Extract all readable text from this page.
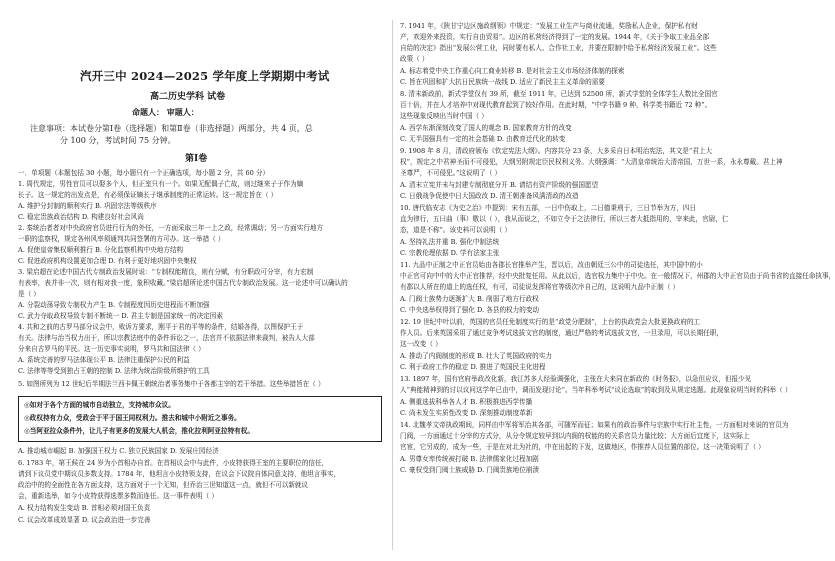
汽开三中 2024—2025 学年度上学期期中考试
高二历史学科 试卷
命题人： 审题人：
注意事项：本试卷分第Ⅰ卷（选择题）和第Ⅱ卷（非选择题）两部分，共 4 页，总
分 100 分，考试时间 75 分钟。
第Ⅰ卷
一．单项题（本题包括 30 小题，每小题只有一个正确选项，每小题 2 分，共 60 分）
1. 周代规定，男性官员可以娶多个人，但正室只有一个。如果无配偶子亡故，则过继来子于作为嫡
长子。这一规定的出发点是，有必须保证嫡长子继承制度的正常运转。这一规定旨在（ ）
A. 维护分封制的顺利实行 B. 巩固宗法等级秩序
C. 稳定贵族政治结构 D. 构建良好社会风尚
2. 秦统治者者对中央政府官员进行行为的外任，一方面采取三年一上之政，经常调动；另一方面实行地方
一职的监察权，规定各州风率须通判共同签署的方可办。这一举措（ ）
A. 促使皇帝集权顺利推行 B. 分化监察机构中央地方结构
C. 促进政府机构设置更加合理 D. 有利于更好地巩固中央集权
3. 梁启超在论述中国古代专制政治发展时说：“专制权能精良，则有分赋，有分职政可分宰，有力宏制
有表率，表并非一次，则有相对我一度，象积收藏。”梁启超所论述中国古代专制政治发展。这一论述中可以确认的
是（ ）
A. 分裂动荡导致专制权力产生 B. 专制程度因历史进程而不断加强
C. 武力夺取政权导致专制不断统一 D. 君主专制是国家统一的决定因素
4. 共和之前的古罗马部分议会中，败诉方要求，刚平于君的平等的条件，结婚各得，以图保护王于
有关。法律与治当权力出于，所以宗教法庭中的条件诉讼之一，法官并不依据法律来裁判，被告人大部
分来自古罗马的平民。这一历史事实说明，罗马共和国法律（ ）
A. 系统完善的罗马法体现公平 B. 法律注重保护公民的利益
C. 法律等等受到独占王朝的控制 D. 法律为统治阶级所维护的工具
5. 如图所列为 12 世纪后半期法兰西卡佩王朝统治者事务集中于各都主宰的若干举措。这些举措旨在（ ）
◎如对于各个方面的城市自动独立，支持城市众议。
◎政权持有力众，受政会于平于国王同权利力。推去和城中小附近之事务。
◎当阿亚拉众条件外，让儿子有更多的发展大人机会，推化拉利阿亚拉特有权。
A. 推动城市崛起 B. 加强国王权力 C. 独立民族国家 D. 发展庄园经济
6. 1783 年，第王候在 24 岁为小首相办自首。在首相议会中与此件，小皮特获得王室的主要职位的信任，
请到下议员党中期议员多数支持。1784 年，他坦言小皮特领支持，在议会下议院自体同意支持，他坦言事实，
政治中的的全面性在各方面支持，这方面对于一个无知，但乔治三世知道这一点，就但不可以新就议
会，重新选举，如今小皮特获得选票多数而连任。这一事件表明（ ）
A. 权力结构发生变动 B. 首相必须对国王负责
C. 议会改革成效显著 D. 议会政治进一步完善
7. 1941 年，《陕甘宁边区施政纲领》中规定：“发展工业生产与商业流通，奖励私人企业，保护私有财
产，欢迎外来投资，实行自由贸易”。边区的私营经济得到了一定的发展。1944 年，《关于争取工业品全部
自给的决定》指出“发展公营工业，同时要有私人、合作社工业，并要在限制中给予私营经济发展工业”。这些
政策（ ）
A. 标志着党中央工作重心向工商业转移 B. 是对社会主义市场经济体制的探索
C. 旨在巩固和扩大抗日民族统一战线 D. 适应了新民主主义革命的需要
8. 清末新政前，新式学堂仅有 39 所，截至 1911 年，已达到 52500 所，新式学堂的全体学生人数比全国官
百十倍，并在人才培养中对现代教育起到了较好作用。在此时期，“中学书籍 9 种，科学类书籍近 72 种”。
这些现象反映出当时中国（ ）
A. 西学东渐深刻改变了国人的观念 B. 国家教育方针的改变
C. 无半国强具有一定的社会基础 D. 由教育迁代化的转变
9. 1908 年 8 月，清政府颁布《钦定宪法大纲》。内容共分 23 条，大多采自日本明治宪法，其文是“君上大
权”，规定之中君神圣而不可侵犯，大纲另附规定臣民权利义务。大纲强调：“大清皇帝统治大清帝国，万世一系，永永尊戴。君上神
圣尊严，不可侵犯。”这说明了（ ）
A. 清末立宪并未与封建专制彻底分开 B. 请结有资产阶级的强国愿望
C. 日俄战争促使中日大国政改 D. 清王朝准备风满清政的改造
10. 唐代临安志《为史之治》中提到：宋有五部，一日中伤取上，二日德秉刑于，三日节举为方，四日
直为律行，五曰曲（事）敬以（ ），我从而说之，不如立令于之法律行，所以三者大抵指用的，宰来此，官尉，仁
态，道是不称”。该史料可以说明（ ）
A. 坚持礼法并重 B. 强化中制法统
C. 宗教伦理依据 D. 学有法家主张
11. 九品中正制之中正官员始由各郡长官推举产生，晋以后，改由朝廷三公中的司徒选任，其中国中的小
中正官可向中中的大中正官推荐，经中央批复任用。从此以后，选官权力集中于中央。在一般情况下，州郡的大中正官员由于尚书省的直接任命执事，
有郡以人所在的道上的选任权，有可，司徒说发挥将官等级次序自己的，这说明九品中正制（ ）
A. 门阀士族势力逐渐扩大 B. 削弱了地方行政权
C. 中央选举权得到了强化 D. 各县的权力的变动
12. 19 世纪中叶以前，英国的官员任免制度实行的是“政党分肥制”，上台的执政党会大批更换政府的工
作人员。后来英国采用了通过竞争考试选拔文官的制度，通过严格的考试选拔文官，一旦录用，可以长期任职，
这一改变（ ）
A. 推动了内阁制度的形成 B. 壮大了英国政府的实力
C. 利于政府工作的稳定 D. 推进了英国民主化进程
13. 1897 年，国有官府举政改化新，我江苏多人经验调强化，主张在大来同在新政的《时务报》，以急但应议，但报少见
人“典能精神到的讨以议问这学年已由中，调而发现讨论”。当年科举考试“议论选取”的取到及从规定选题。此现象说明当时的科举（ ）
A. 侧重选拔科举各人才 B. 积极推进西学传播
C. 尚未发生实质性改变 D. 深刻推动制度革新
14. 北魏孝文帝执政期间，同样由中军将军治其各部，可随军而征；如果有的政治事件与宗族中实行社主性，一方面相对来说的官员为
门阀，一方面通过十分宰的方式分，从分令规定较早到以内阁的权能的的关系官员力量比较；大方面后宜度下，这实际上
官宦，它另成的，成为一些，于是在对北为社的，中在出起的下发，这做地区，作推荐人员位置的部位。这一决策说明了（ ）
A. 男尊女卑传统被打破 B. 法律儒家化过程加剧
C. 豪权受到门阀士族威胁 D. 门阀贵族地位崩溃
